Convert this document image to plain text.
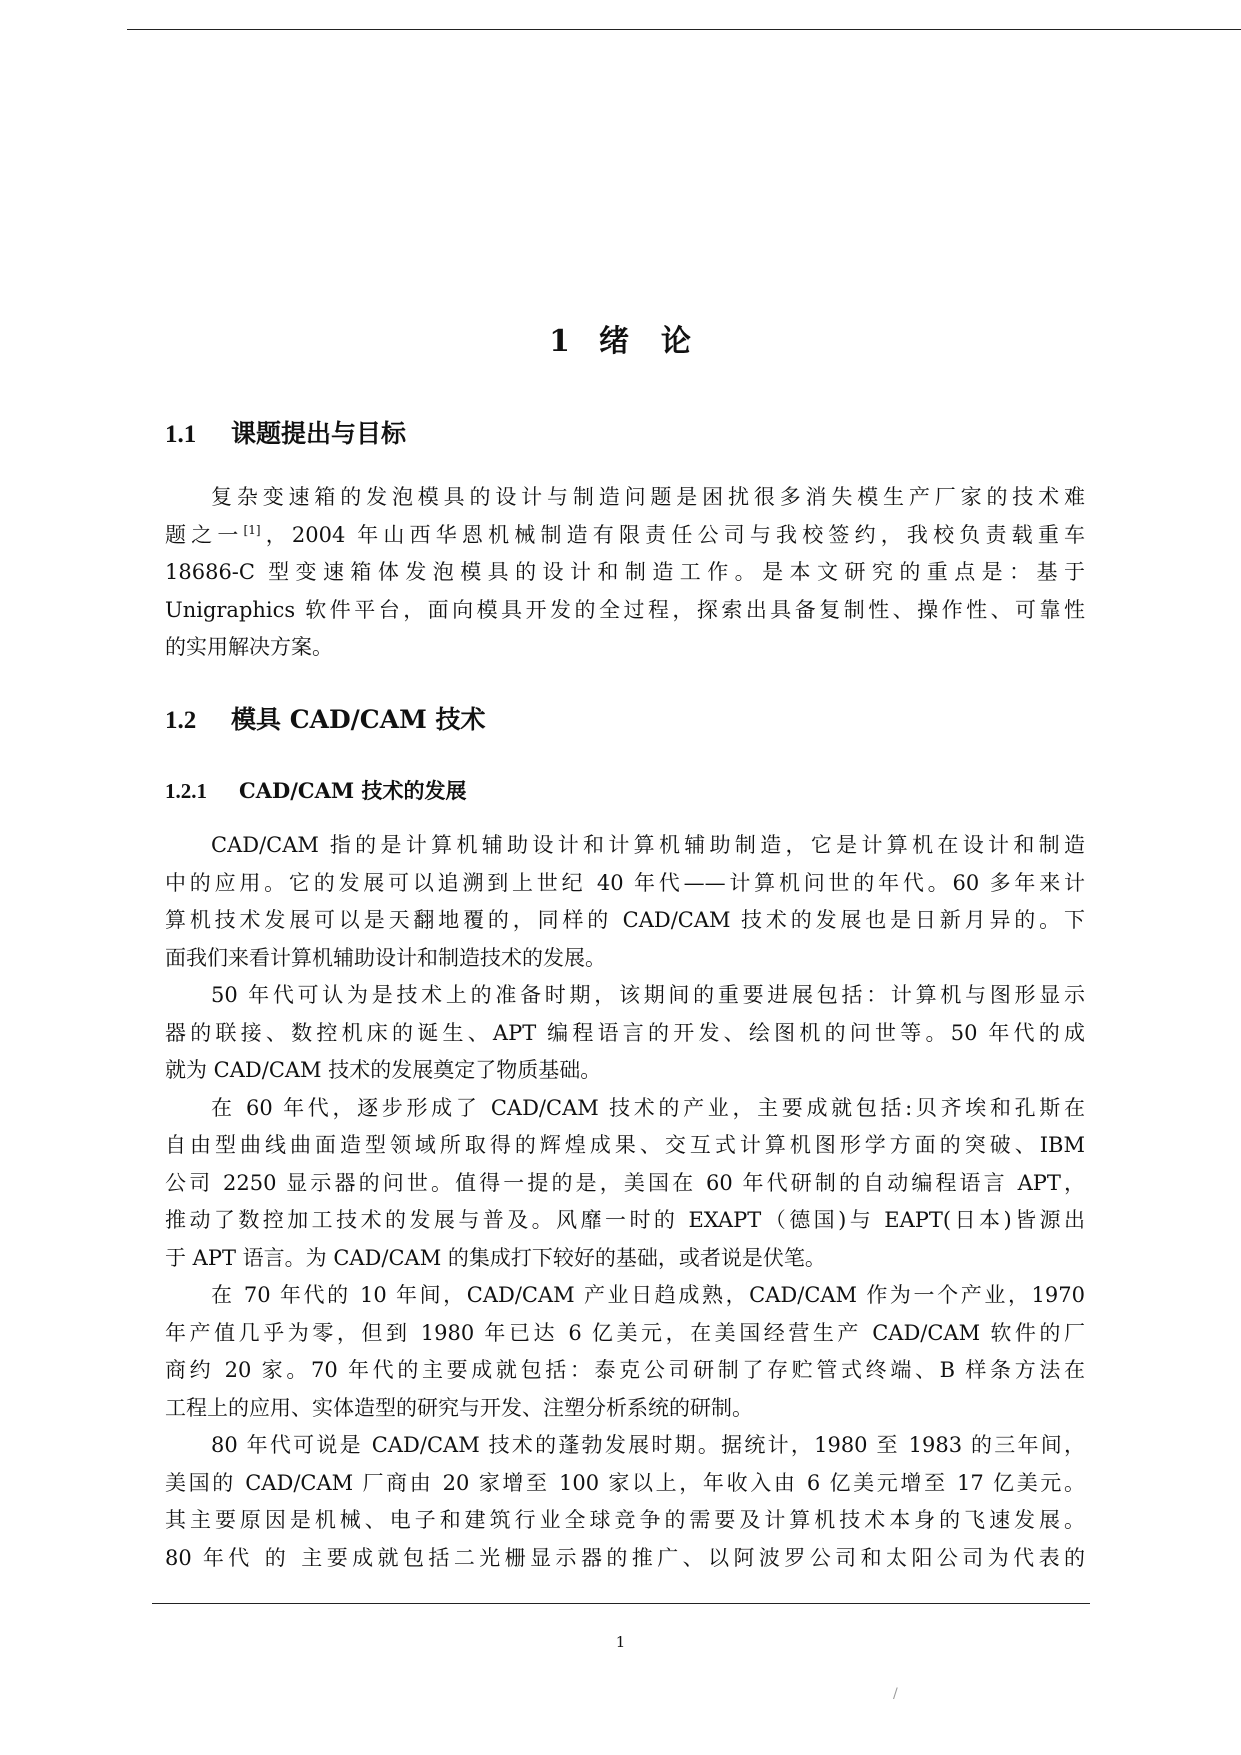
1 绪　论
1.1 课题提出与目标
复杂变速箱的发泡模具的设计与制造问题是困扰很多消失模生产厂家的技术难
题之一[1]，2004 年山西华恩机械制造有限责任公司与我校签约，我校负责载重车
18686-C 型变速箱体发泡模具的设计和制造工作。是本文研究的重点是：基于
Unigraphics 软件平台，面向模具开发的全过程，探索出具备复制性、操作性、可靠性
的实用解决方案。
1.2 模具 CAD/CAM 技术
1.2.1 CAD/CAM 技术的发展
CAD/CAM 指的是计算机辅助设计和计算机辅助制造，它是计算机在设计和制造
中的应用。它的发展可以追溯到上世纪 40 年代——计算机问世的年代。60 多年来计
算机技术发展可以是天翻地覆的，同样的 CAD/CAM 技术的发展也是日新月异的。下
面我们来看计算机辅助设计和制造技术的发展。
50 年代可认为是技术上的准备时期，该期间的重要进展包括：计算机与图形显示
器的联接、数控机床的诞生、APT 编程语言的开发、绘图机的问世等。50 年代的成
就为 CAD/CAM 技术的发展奠定了物质基础。
在 60 年代，逐步形成了 CAD/CAM 技术的产业，主要成就包括:贝齐埃和孔斯在
自由型曲线曲面造型领域所取得的辉煌成果、交互式计算机图形学方面的突破、IBM
公司 2250 显示器的问世。值得一提的是，美国在 60 年代研制的自动编程语言 APT，
推动了数控加工技术的发展与普及。风靡一时的 EXAPT（德国)与 EAPT(日本)皆源出
于 APT 语言。为 CAD/CAM 的集成打下较好的基础，或者说是伏笔。
在 70 年代的 10 年间，CAD/CAM 产业日趋成熟，CAD/CAM 作为一个产业，1970
年产值几乎为零，但到 1980 年已达 6 亿美元，在美国经营生产 CAD/CAM 软件的厂
商约 20 家。70 年代的主要成就包括：泰克公司研制了存贮管式终端、B 样条方法在
工程上的应用、实体造型的研究与开发、注塑分析系统的研制。
80 年代可说是 CAD/CAM 技术的蓬勃发展时期。据统计，1980 至 1983 的三年间，
美国的 CAD/CAM 厂商由 20 家增至 100 家以上，年收入由 6 亿美元增至 17 亿美元。
其主要原因是机械、电子和建筑行业全球竞争的需要及计算机技术本身的飞速发展。
80 年代 的 主要成就包括二光栅显示器的推广、以阿波罗公司和太阳公司为代表的
1
/
